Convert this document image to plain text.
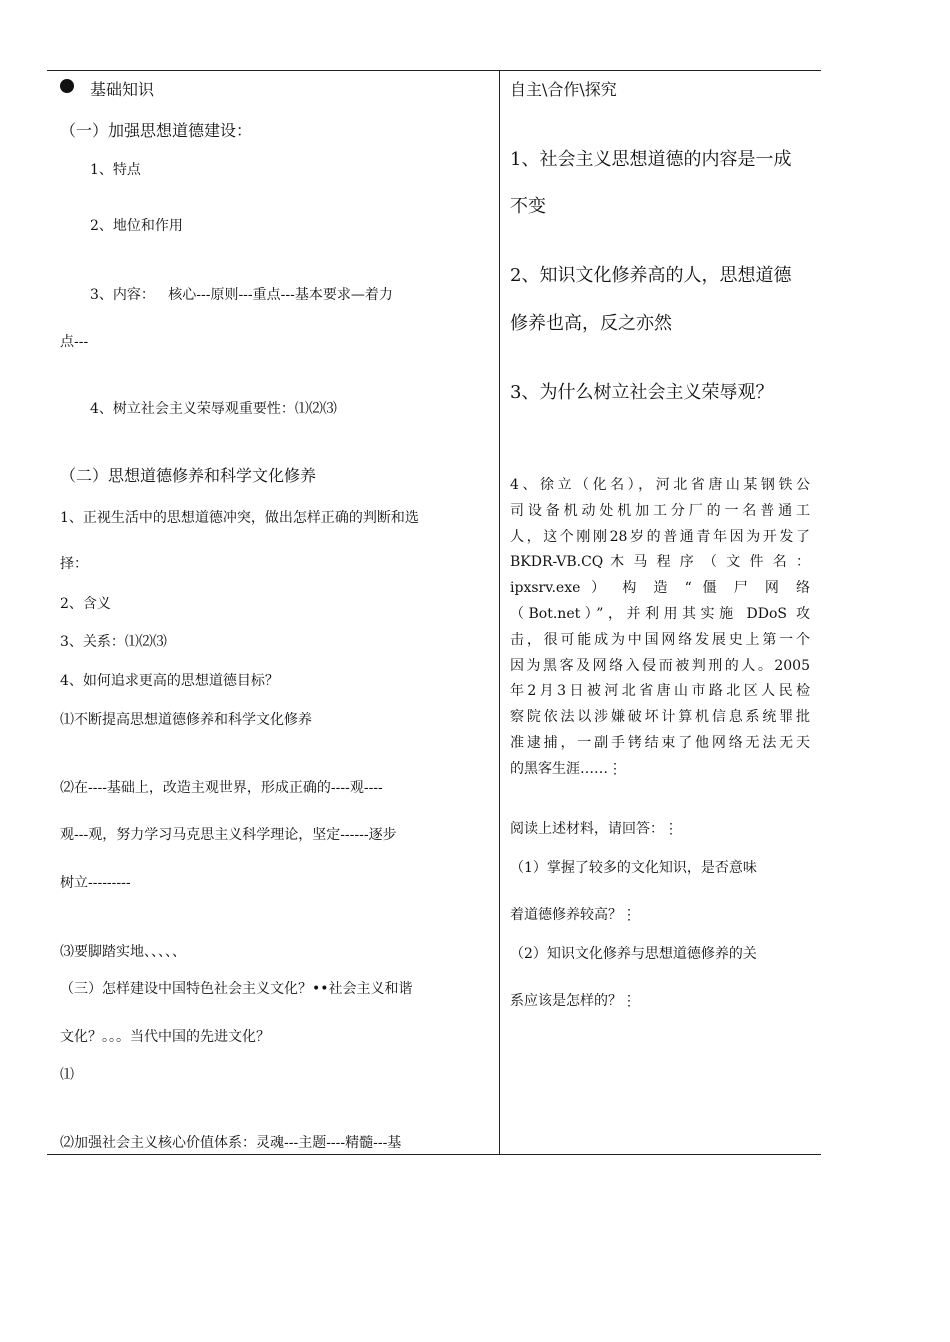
基础知识
（一）加强思想道德建设：
1、特点
2、地位和作用
3、内容：   核心---原则---重点---基本要求—着力
点---
4、树立社会主义荣辱观重要性：⑴⑵⑶
（二）思想道德修养和科学文化修养
1、正视生活中的思想道德冲突，做出怎样正确的判断和选
择：
2、含义
3、关系：⑴⑵⑶
4、如何追求更高的思想道德目标？
⑴不断提高思想道德修养和科学文化修养
⑵在----基础上，改造主观世界，形成正确的----观----
观---观，努力学习马克思主义科学理论，坚定------逐步
树立---------
⑶要脚踏实地、、、、、
（三）怎样建设中国特色社会主义文化？••社会主义和谐
文化？。。。当代中国的先进文化？
⑴
⑵加强社会主义核心价值体系：灵魂---主题----精髓---基
自主\合作\探究
1、社会主义思想道德的内容是一成
不变
2、知识文化修养高的人，思想道德
修养也高，反之亦然
3、为什么树立社会主义荣辱观？
4、徐立（化名），河北省唐山某钢铁公
司设备机动处机加工分厂的一名普通工
人，这个刚刚28岁的普通青年因为开发了
BKDR-VB.CQ 木 马 程 序 （ 文 件 名 ：
ipxsrv.exe ） 构 造 “ 僵 尸 网 络
（Bot.net）”，并利用其实施 DDoS 攻
击，很可能成为中国网络发展史上第一个
因为黑客及网络入侵而被判刑的人。2005
年2月3日被河北省唐山市路北区人民检
察院依法以涉嫌破坏计算机信息系统罪批
准逮捕，一副手铐结束了他网络无法无天
的黑客生涯……⋮
阅读上述材料，请回答：⋮
（1）掌握了较多的文化知识，是否意味
着道德修养较高？⋮
（2）知识文化修养与思想道德修养的关
系应该是怎样的？⋮
